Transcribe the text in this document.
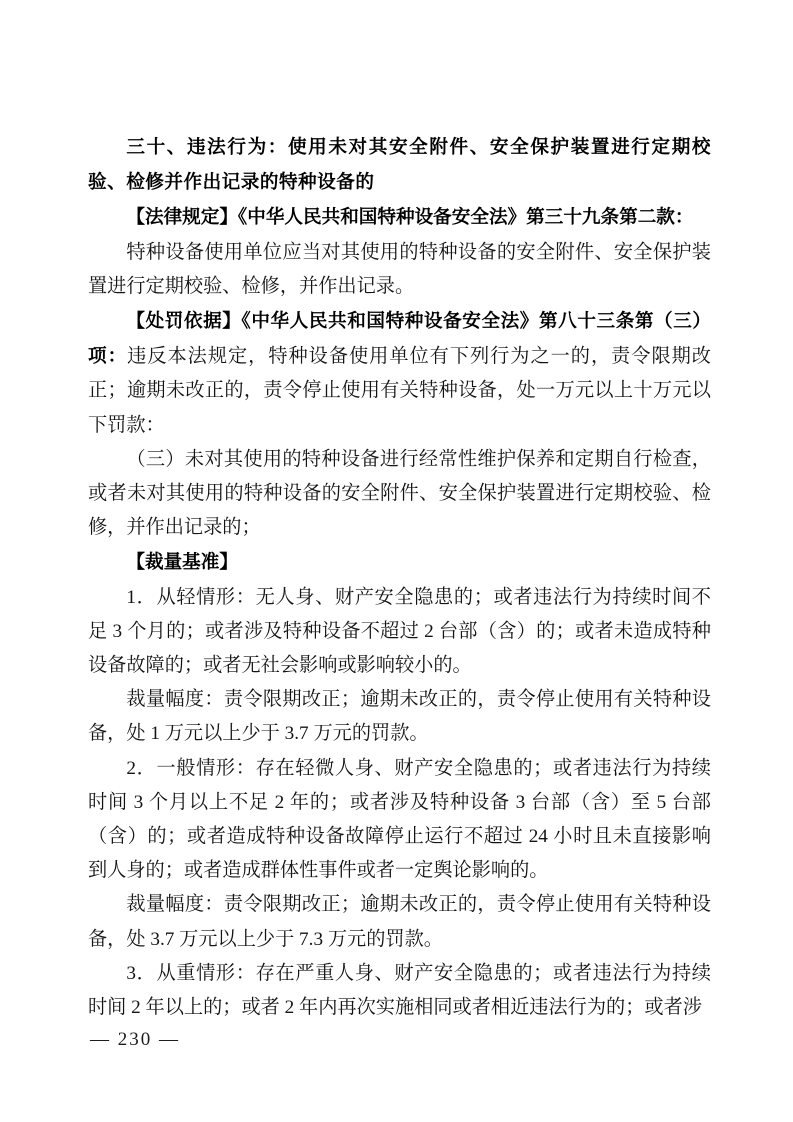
三十、违法行为：使用未对其安全附件、安全保护装置进行定期校验、检修并作出记录的特种设备的

【法律规定】《中华人民共和国特种设备安全法》第三十九条第二款：

特种设备使用单位应当对其使用的特种设备的安全附件、安全保护装置进行定期校验、检修，并作出记录。

【处罚依据】《中华人民共和国特种设备安全法》第八十三条第（三）项：违反本法规定，特种设备使用单位有下列行为之一的，责令限期改正；逾期未改正的，责令停止使用有关特种设备，处一万元以上十万元以下罚款：

（三）未对其使用的特种设备进行经常性维护保养和定期自行检查，或者未对其使用的特种设备的安全附件、安全保护装置进行定期校验、检修，并作出记录的；

【裁量基准】

1．从轻情形：无人身、财产安全隐患的；或者违法行为持续时间不足 3 个月的；或者涉及特种设备不超过 2 台部（含）的；或者未造成特种设备故障的；或者无社会影响或影响较小的。

裁量幅度：责令限期改正；逾期未改正的，责令停止使用有关特种设备，处 1 万元以上少于 3.7 万元的罚款。

2．一般情形：存在轻微人身、财产安全隐患的；或者违法行为持续时间 3 个月以上不足 2 年的；或者涉及特种设备 3 台部（含）至 5 台部（含）的；或者造成特种设备故障停止运行不超过 24 小时且未直接影响到人身的；或者造成群体性事件或者一定舆论影响的。

裁量幅度：责令限期改正；逾期未改正的，责令停止使用有关特种设备，处 3.7 万元以上少于 7.3 万元的罚款。

3．从重情形：存在严重人身、财产安全隐患的；或者违法行为持续时间 2 年以上的；或者 2 年内再次实施相同或者相近违法行为的；或者涉

— 230 —
